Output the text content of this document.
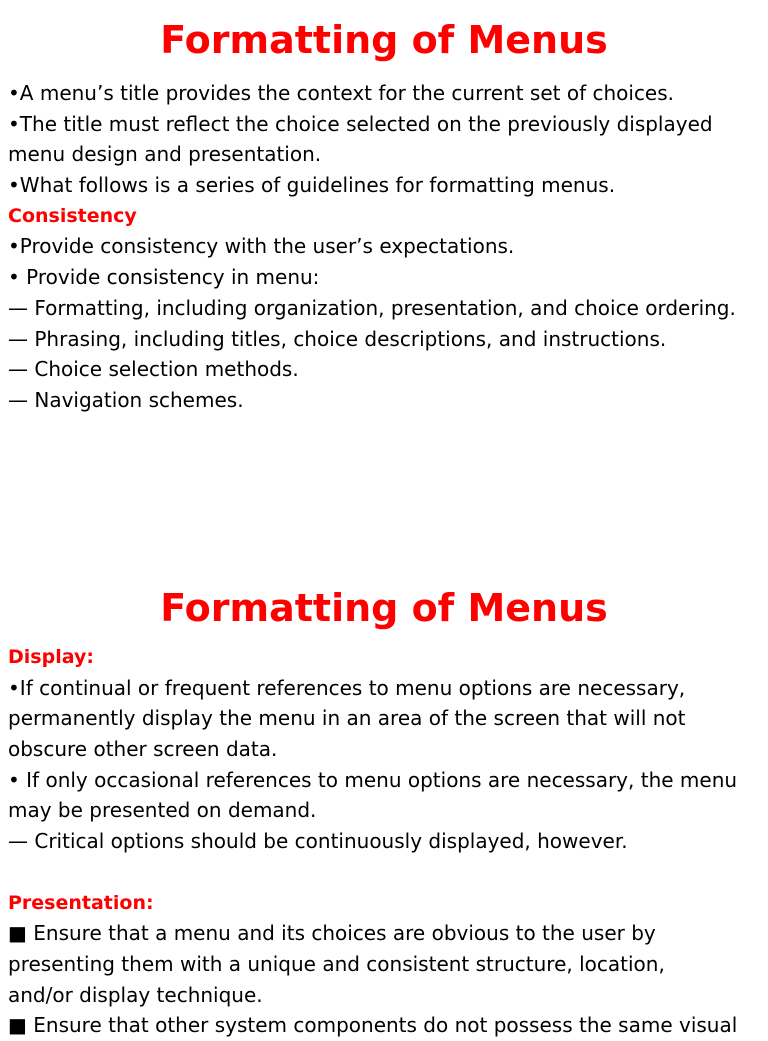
Formatting of Menus
•A menu’s title provides the context for the current set of choices.
•The title must reflect the choice selected on the previously displayed
menu design and presentation.
•What follows is a series of guidelines for formatting menus.
Consistency
•Provide consistency with the user’s expectations.
• Provide consistency in menu:
— Formatting, including organization, presentation, and choice ordering.
— Phrasing, including titles, choice descriptions, and instructions.
— Choice selection methods.
— Navigation schemes.
Formatting of Menus
Display:
•If continual or frequent references to menu options are necessary,
permanently display the menu in an area of the screen that will not
obscure other screen data.
• If only occasional references to menu options are necessary, the menu
may be presented on demand.
— Critical options should be continuously displayed, however.
Presentation:
■ Ensure that a menu and its choices are obvious to the user by
presenting them with a unique and consistent structure, location,
and/or display technique.
■ Ensure that other system components do not possess the same visual
